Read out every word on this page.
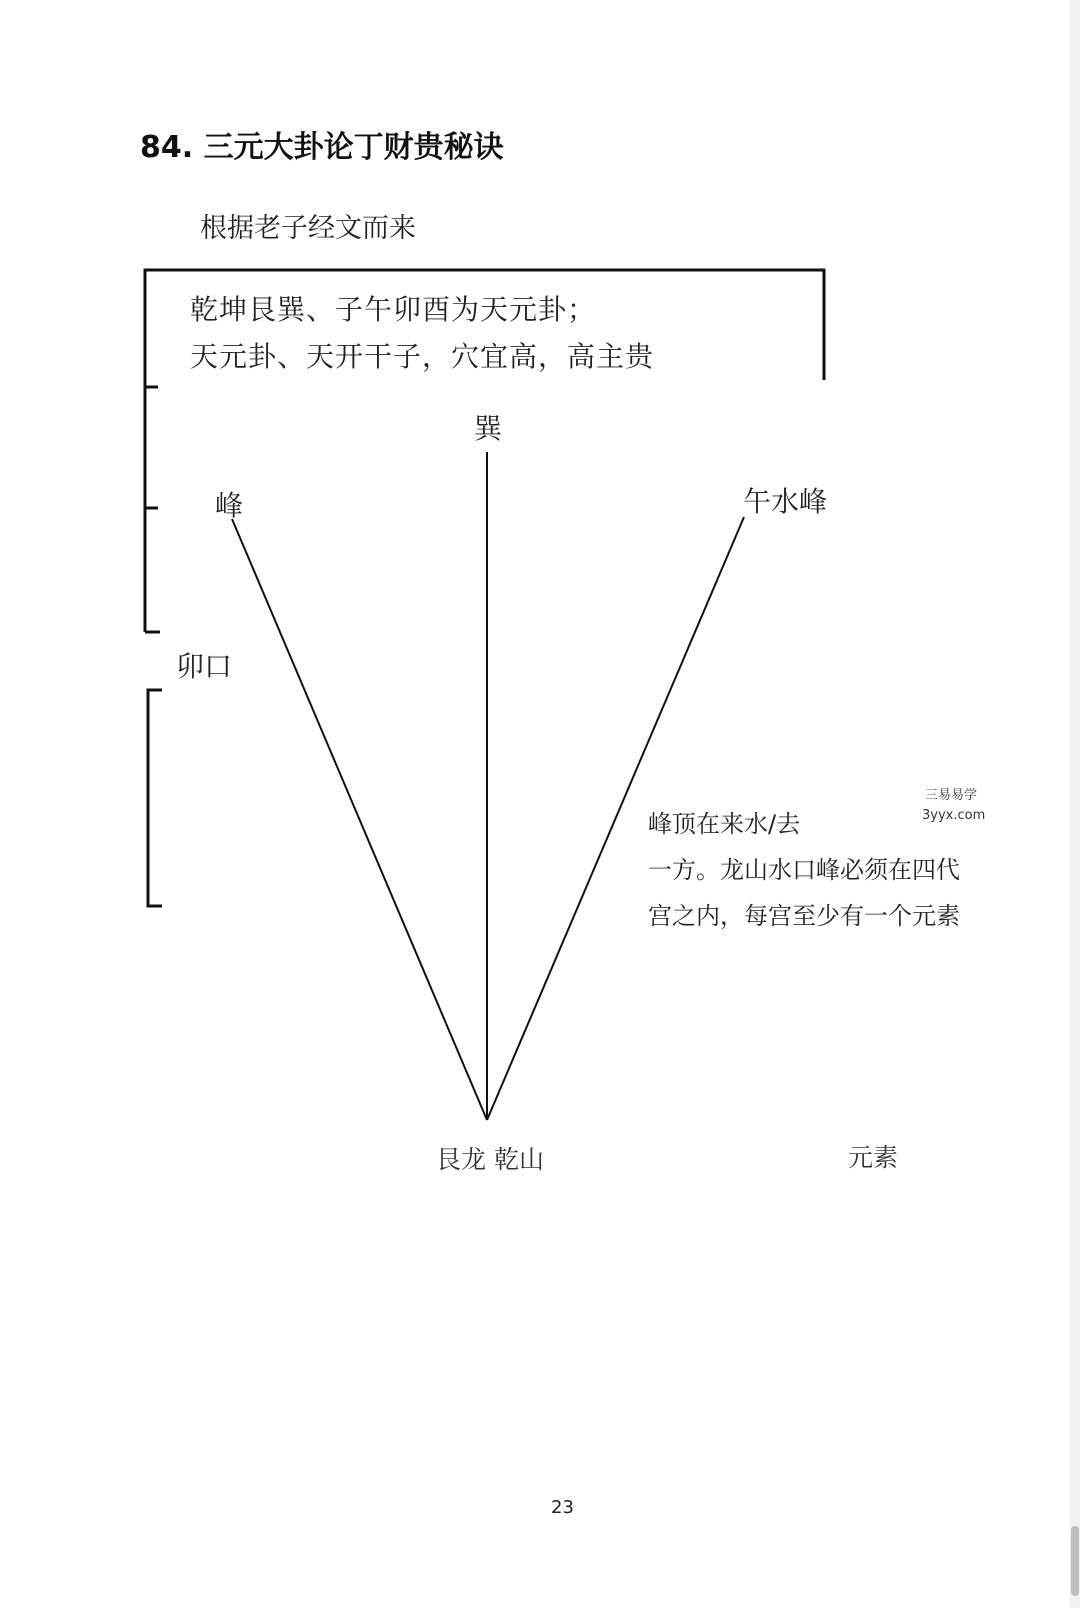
84. 三元大卦论丁财贵秘诀
根据老子经文而来
乾坤艮巽、子午卯酉为天元卦；
天元卦、天开干子，穴宜高，高主贵
巽
峰	午水峰
卯口
峰顶在来水/去
一方。龙山水口峰必须在四代
宫之内，每宫至少有一个元素
三易易学
3yyx.com
艮龙 乾山	元素
23
